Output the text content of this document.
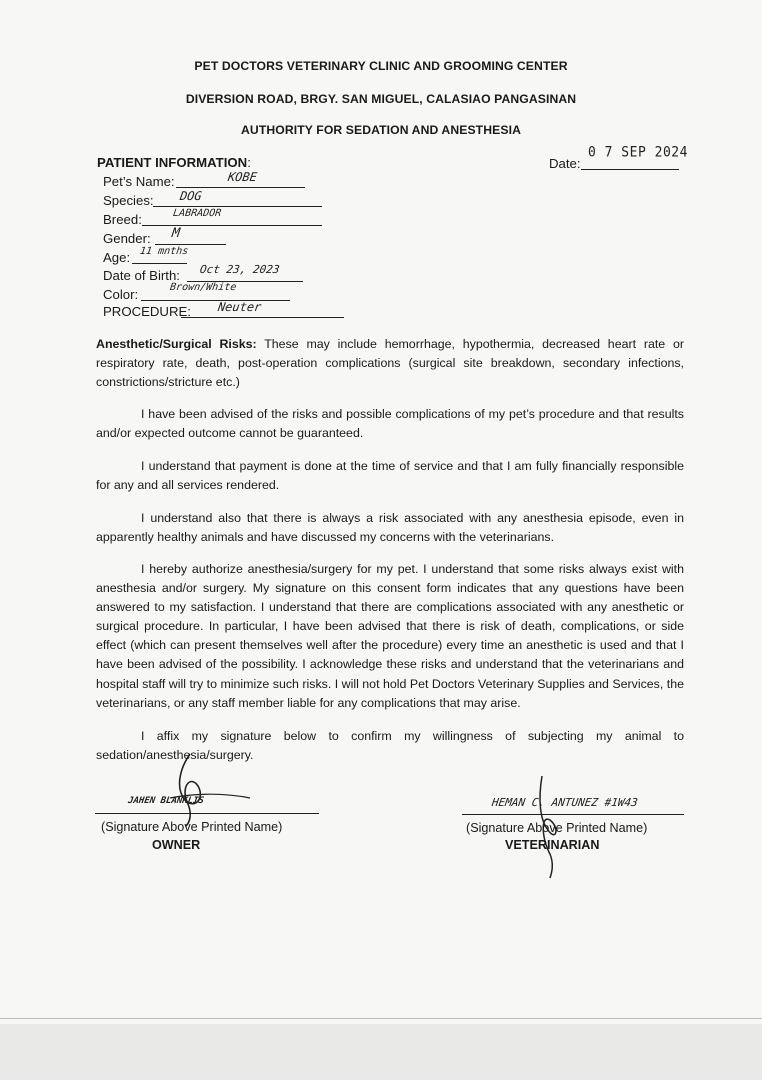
PET DOCTORS VETERINARY CLINIC AND GROOMING CENTER
DIVERSION ROAD, BRGY. SAN MIGUEL, CALASIAO PANGASINAN
AUTHORITY FOR SEDATION AND ANESTHESIA
PATIENT INFORMATION:	Date:
0 7 SEP 2024
Pet’s Name:	KOBE
Species: DOG
Breed:	LABRADOR
Gender: M
Age: 11 mnths
Date of Birth: Oct 23, 2023
Color:	Brown/White
PROCEDURE: Neuter
Anesthetic/Surgical Risks: These may include hemorrhage, hypothermia, decreased heart rate or respiratory rate, death, post-operation complications (surgical site breakdown, secondary infections, constrictions/stricture etc.)
I have been advised of the risks and possible complications of my pet’s procedure and that results and/or expected outcome cannot be guaranteed.
I understand that payment is done at the time of service and that I am fully financially responsible for any and all services rendered.
I understand also that there is always a risk associated with any anesthesia episode, even in apparently healthy animals and have discussed my concerns with the veterinarians.
I hereby authorize anesthesia/surgery for my pet. I understand that some risks always exist with anesthesia and/or surgery. My signature on this consent form indicates that any questions have been answered to my satisfaction. I understand that there are complications associated with any anesthetic or surgical procedure. In particular, I have been advised that there is risk of death, complications, or side effect (which can present themselves well after the procedure) every time an anesthetic is used and that I have been advised of the possibility. I acknowledge these risks and understand that the veterinarians and hospital staff will try to minimize such risks. I will not hold Pet Doctors Veterinary Supplies and Services, the veterinarians, or any staff member liable for any complications that may arise.
I affix my signature below to confirm my willingness of subjecting my animal to sedation/anesthesia/surgery.
JAHEN BLANKLIS
(Signature Above Printed Name)
OWNER
HEMAN C. ANTUNEZ #1W43
(Signature Above Printed Name)
VETERINARIAN
